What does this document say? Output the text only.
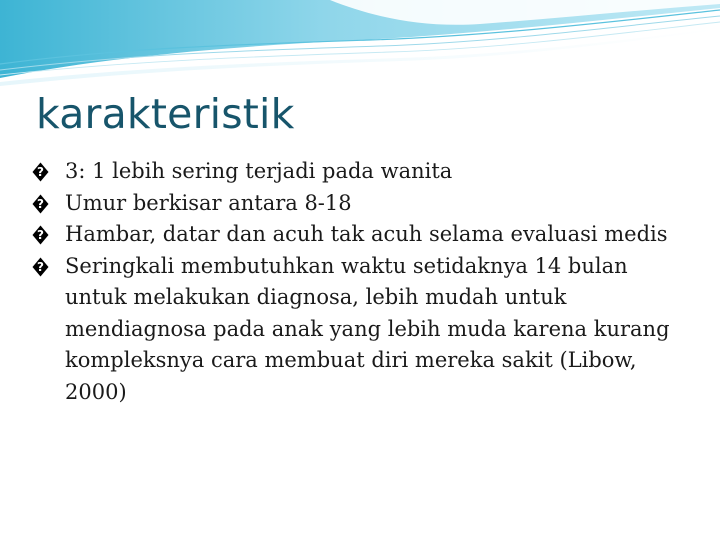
karakteristik
? 3: 1 lebih sering terjadi pada wanita
? Umur berkisar antara 8-18
? Hambar, datar dan acuh tak acuh selama evaluasi medis
? Seringkali membutuhkan waktu setidaknya 14 bulan untuk melakukan diagnosa, lebih mudah untuk mendiagnosa pada anak yang lebih muda karena kurang kompleksnya cara membuat diri mereka sakit (Libow, 2000)
